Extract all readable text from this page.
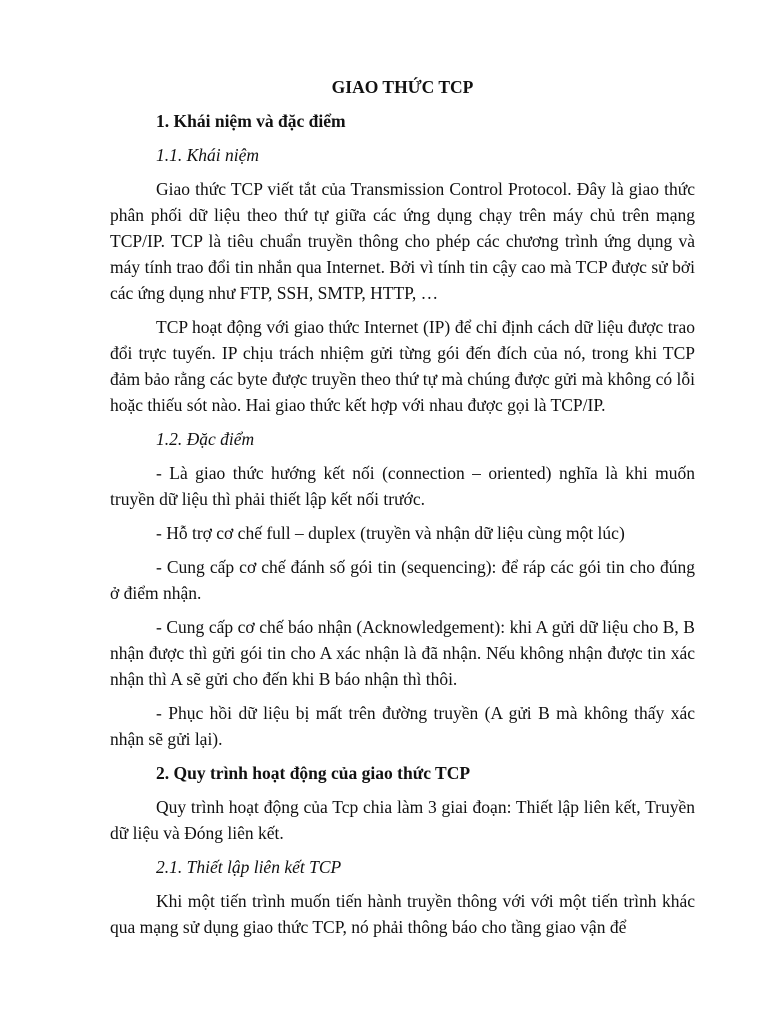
GIAO THỨC TCP
1. Khái niệm và đặc điểm
1.1. Khái niệm
Giao thức TCP viết tắt của Transmission Control Protocol. Đây là giao thức phân phối dữ liệu theo thứ tự giữa các ứng dụng chạy trên máy chủ trên mạng TCP/IP. TCP là tiêu chuẩn truyền thông cho phép các chương trình ứng dụng và máy tính trao đổi tin nhắn qua Internet. Bởi vì tính tin cậy cao mà TCP được sử bởi các ứng dụng như FTP, SSH, SMTP, HTTP, …
TCP hoạt động với giao thức Internet (IP) để chỉ định cách dữ liệu được trao đổi trực tuyến. IP chịu trách nhiệm gửi từng gói đến đích của nó, trong khi TCP đảm bảo rằng các byte được truyền theo thứ tự mà chúng được gửi mà không có lỗi hoặc thiếu sót nào. Hai giao thức kết hợp với nhau được gọi là TCP/IP.
1.2. Đặc điểm
- Là giao thức hướng kết nối (connection – oriented) nghĩa là khi muốn truyền dữ liệu thì phải thiết lập kết nối trước.
- Hỗ trợ cơ chế full – duplex (truyền và nhận dữ liệu cùng một lúc)
- Cung cấp cơ chế đánh số gói tin (sequencing): để ráp các gói tin cho đúng ở điểm nhận.
- Cung cấp cơ chế báo nhận (Acknowledgement): khi A gửi dữ liệu cho B, B nhận được thì gửi gói tin cho A xác nhận là đã nhận. Nếu không nhận được tin xác nhận thì A sẽ gửi cho đến khi B báo nhận thì thôi.
- Phục hồi dữ liệu bị mất trên đường truyền (A gửi B mà không thấy xác nhận sẽ gửi lại).
2. Quy trình hoạt động của giao thức TCP
Quy trình hoạt động của Tcp chia làm 3 giai đoạn: Thiết lập liên kết, Truyền dữ liệu và Đóng liên kết.
2.1. Thiết lập liên kết TCP
Khi một tiến trình muốn tiến hành truyền thông với với một tiến trình khác qua mạng sử dụng giao thức TCP, nó phải thông báo cho tầng giao vận để
